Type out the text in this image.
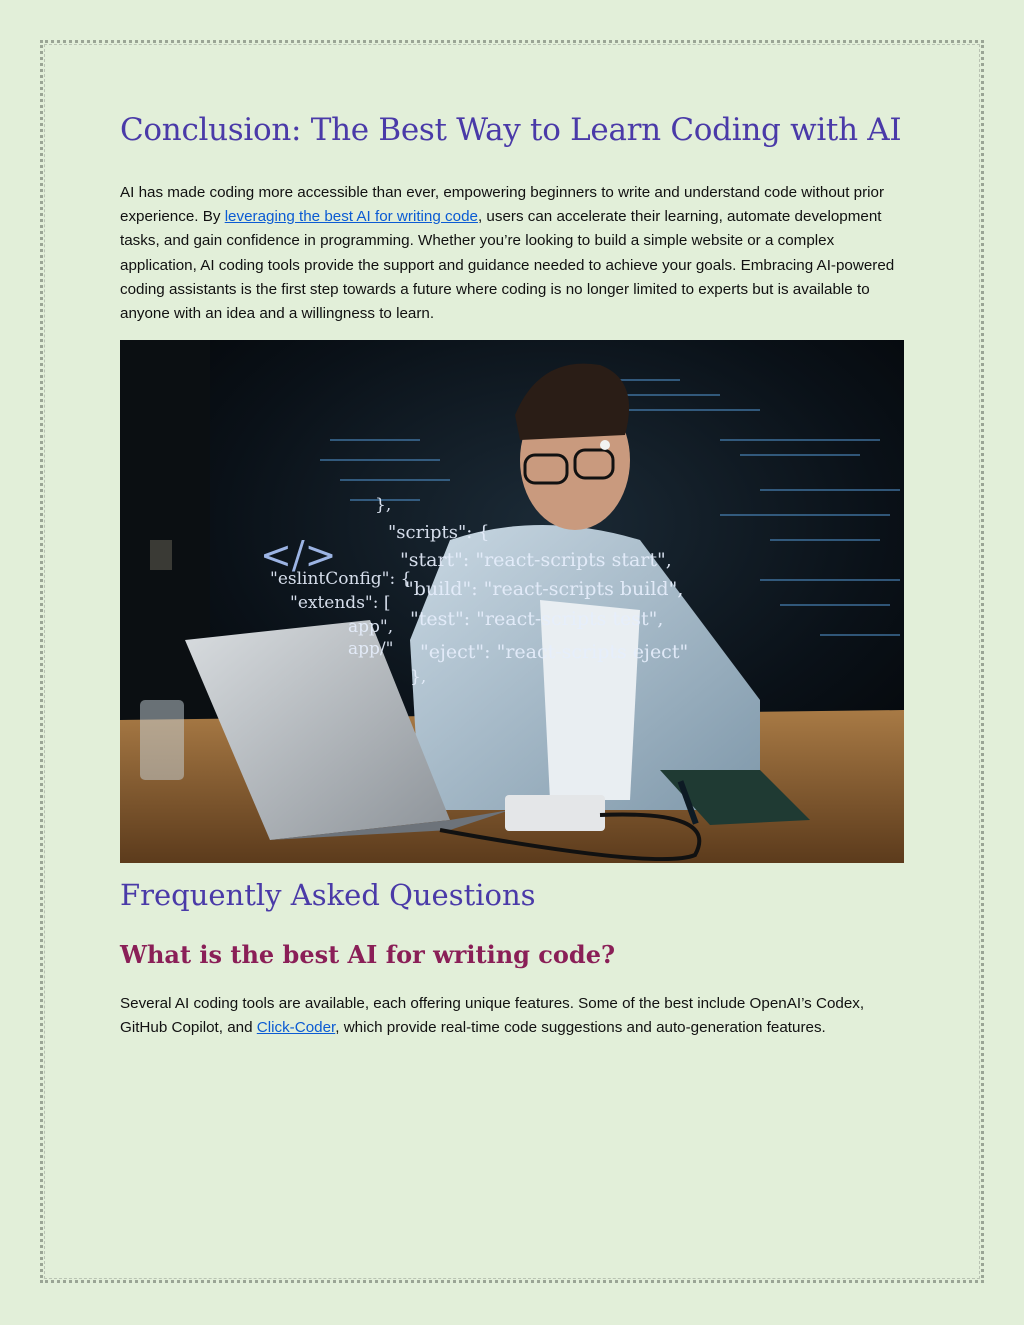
Conclusion: The Best Way to Learn Coding with AI

AI has made coding more accessible than ever, empowering beginners to write and understand code without prior experience. By leveraging the best AI for writing code, users can accelerate their learning, automate development tasks, and gain confidence in programming. Whether you’re looking to build a simple website or a complex application, AI coding tools provide the support and guidance needed to achieve your goals. Embracing AI-powered coding assistants is the first step towards a future where coding is no longer limited to experts but is available to anyone with an idea and a willingness to learn.

</>
"eslintConfig": {
"extends": [
app",
app/"
},
"scripts": {
"start": "react-scripts start",
"build": "react-scripts build",
"test": "react-scripts test",
"eject": "react-scripts eject"
},
Frequently Asked Questions
What is the best AI for writing code?

Several AI coding tools are available, each offering unique features. Some of the best include OpenAI’s Codex, GitHub Copilot, and Click-Coder, which provide real-time code suggestions and auto-generation features.
